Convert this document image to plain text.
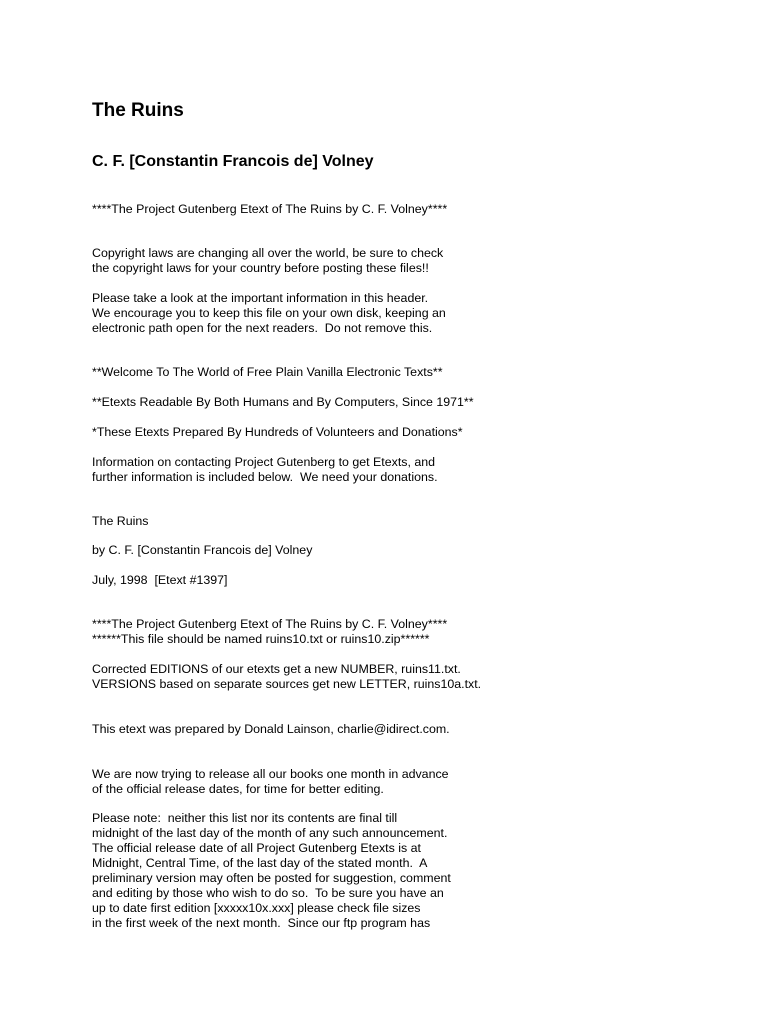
The Ruins
C. F. [Constantin Francois de] Volney
****The Project Gutenberg Etext of The Ruins by C. F. Volney****
Copyright laws are changing all over the world, be sure to check
the copyright laws for your country before posting these files!!
Please take a look at the important information in this header.
We encourage you to keep this file on your own disk, keeping an
electronic path open for the next readers.  Do not remove this.
**Welcome To The World of Free Plain Vanilla Electronic Texts**
**Etexts Readable By Both Humans and By Computers, Since 1971**
*These Etexts Prepared By Hundreds of Volunteers and Donations*
Information on contacting Project Gutenberg to get Etexts, and
further information is included below.  We need your donations.
The Ruins
by C. F. [Constantin Francois de] Volney
July, 1998  [Etext #1397]
****The Project Gutenberg Etext of The Ruins by C. F. Volney****
******This file should be named ruins10.txt or ruins10.zip******
Corrected EDITIONS of our etexts get a new NUMBER, ruins11.txt.
VERSIONS based on separate sources get new LETTER, ruins10a.txt.
This etext was prepared by Donald Lainson, charlie@idirect.com.
We are now trying to release all our books one month in advance
of the official release dates, for time for better editing.
Please note:  neither this list nor its contents are final till
midnight of the last day of the month of any such announcement.
The official release date of all Project Gutenberg Etexts is at
Midnight, Central Time, of the last day of the stated month.  A
preliminary version may often be posted for suggestion, comment
and editing by those who wish to do so.  To be sure you have an
up to date first edition [xxxxx10x.xxx] please check file sizes
in the first week of the next month.  Since our ftp program has
